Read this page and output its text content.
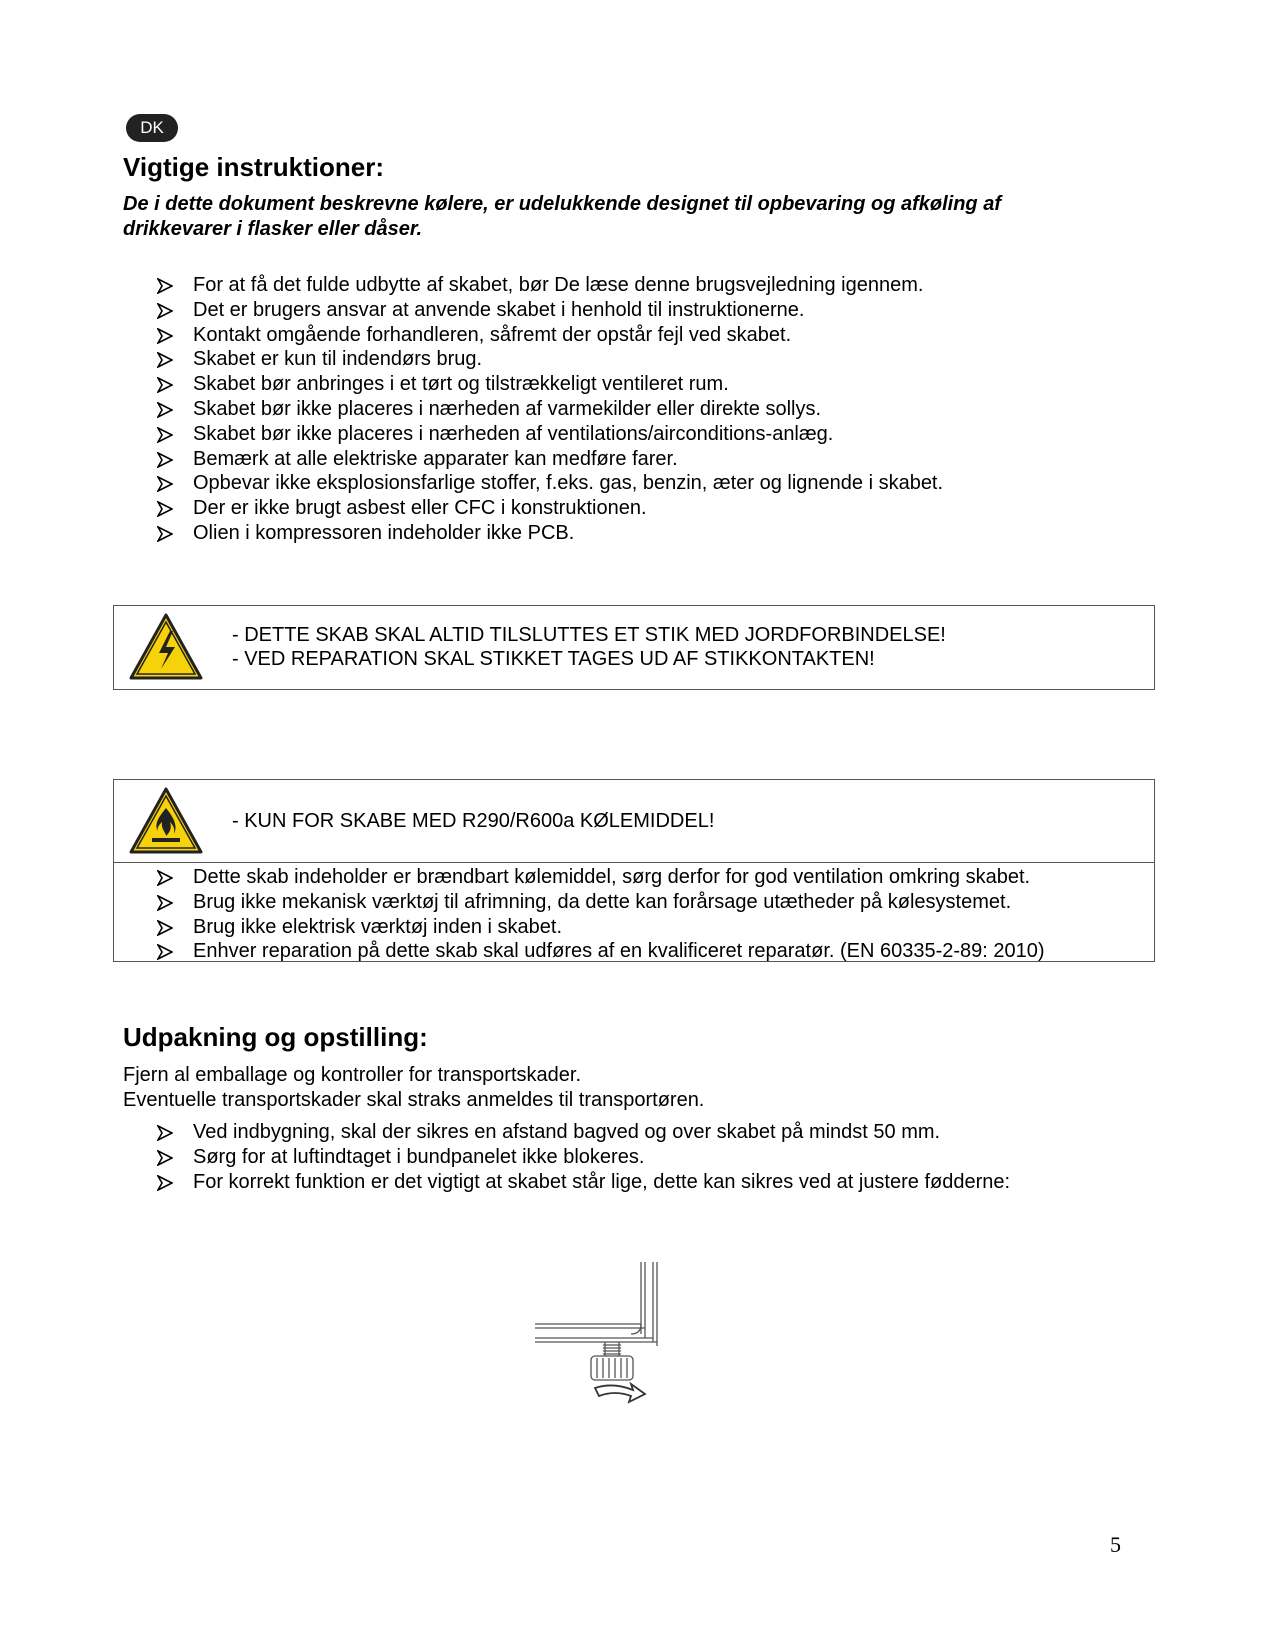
DK
Vigtige instruktioner:
De i dette dokument beskrevne kølere, er udelukkende designet til opbevaring og afkøling af drikkevarer i flasker eller dåser.
For at få det fulde udbytte af skabet, bør De læse denne brugsvejledning igennem.
Det er brugers ansvar at anvende skabet i henhold til instruktionerne.
Kontakt omgående forhandleren, såfremt der opstår fejl ved skabet.
Skabet er kun til indendørs brug.
Skabet bør anbringes i et tørt og tilstrækkeligt ventileret rum.
Skabet bør ikke placeres i nærheden af varmekilder eller direkte sollys.
Skabet bør ikke placeres i nærheden af ventilations/airconditions-anlæg.
Bemærk at alle elektriske apparater kan medføre farer.
Opbevar ikke eksplosionsfarlige stoffer, f.eks. gas, benzin, æter og lignende i skabet.
Der er ikke brugt asbest eller CFC i konstruktionen.
Olien i kompressoren indeholder ikke PCB.
- DETTE SKAB SKAL ALTID TILSLUTTES ET STIK MED JORDFORBINDELSE!
- VED REPARATION SKAL STIKKET TAGES UD AF STIKKONTAKTEN!
- KUN FOR SKABE MED R290/R600a KØLEMIDDEL!
Dette skab indeholder er brændbart kølemiddel, sørg derfor for god ventilation omkring skabet.
Brug ikke mekanisk værktøj til afrimning, da dette kan forårsage utætheder på kølesystemet.
Brug ikke elektrisk værktøj inden i skabet.
Enhver reparation på dette skab skal udføres af en kvalificeret reparatør. (EN 60335-2-89: 2010)
Udpakning og opstilling:
Fjern al emballage og kontroller for transportskader.
Eventuelle transportskader skal straks anmeldes til transportøren.
Ved indbygning, skal der sikres en afstand bagved og over skabet på mindst 50 mm.
Sørg for at luftindtaget i bundpanelet ikke blokeres.
For korrekt funktion er det vigtigt at skabet står lige, dette kan sikres ved at justere fødderne:
5
